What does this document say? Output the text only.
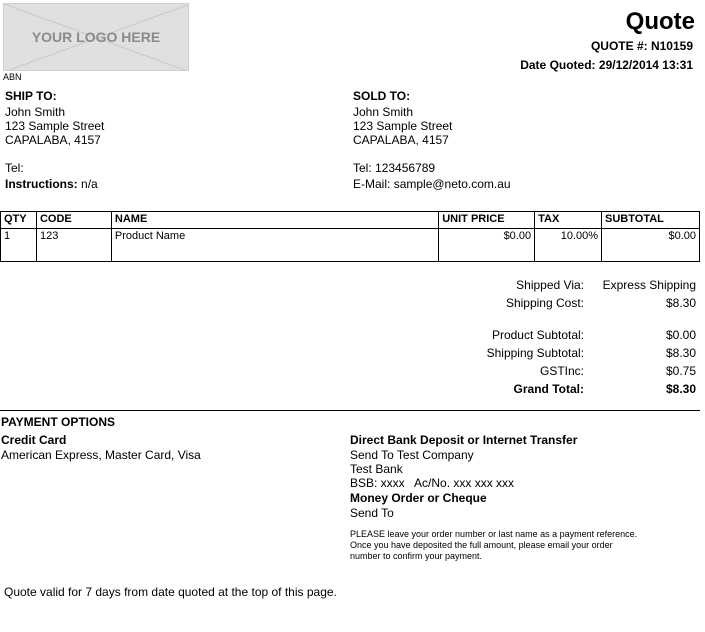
YOUR LOGO HERE
ABN
Quote
QUOTE #: N10159
Date Quoted: 29/12/2014 13:31
SHIP TO:
John Smith
123 Sample Street
CAPALABA, 4157
Tel:
Instructions: n/a
SOLD TO:
John Smith
123 Sample Street
CAPALABA, 4157
Tel: 123456789
E-Mail: sample@neto.com.au
QTY	CODE	NAME	UNIT PRICE	TAX	SUBTOTAL
1	123	Product Name	$0.00	10.00%	$0.00
Shipped Via:	Express Shipping
Shipping Cost:	$8.30
Product Subtotal:	$0.00
Shipping Subtotal:	$8.30
GSTInc:	$0.75
Grand Total:	$8.30
PAYMENT OPTIONS
Credit Card
American Express, Master Card, Visa
Direct Bank Deposit or Internet Transfer
Send To Test Company
Test Bank
BSB: xxxx   Ac/No. xxx xxx xxx
Money Order or Cheque
Send To
PLEASE leave your order number or last name as a payment reference.
Once you have deposited the full amount, please email your order
number to confirm your payment.
Quote valid for 7 days from date quoted at the top of this page.
